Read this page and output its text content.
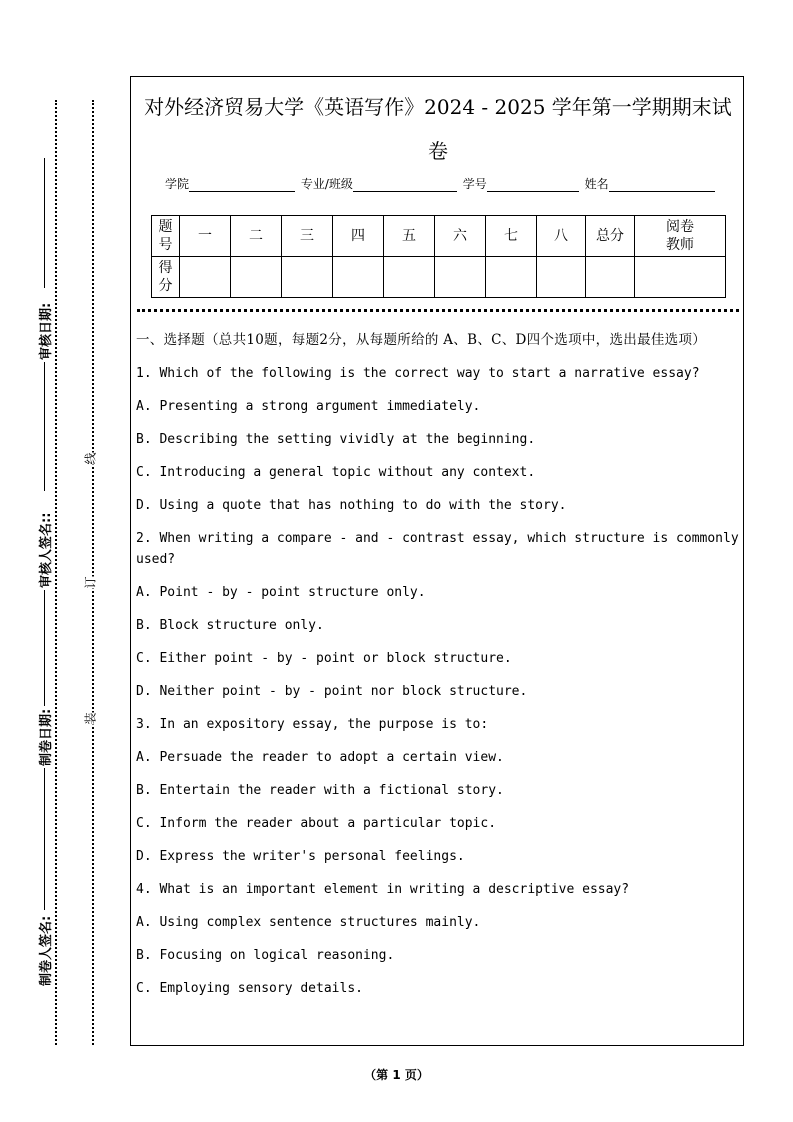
审核日期:
审核人签名::
制卷日期:
制卷人签名:
线
订
装
对外经济贸易大学《英语写作》2024 - 2025 学年第一学期期末试
卷
学院	专业/班级	学号	姓名
题号	一	二	三	四	五	六	七	八	总分	阅卷教师
得分										
一、选择题（总共10题，每题2分，从每题所给的 A、B、C、D四个选项中，选出最佳选项）
1. Which of the following is the correct way to start a narrative essay?
A. Presenting a strong argument immediately.
B. Describing the setting vividly at the beginning.
C. Introducing a general topic without any context.
D. Using a quote that has nothing to do with the story.
2. When writing a compare - and - contrast essay, which structure is commonly used?
A. Point - by - point structure only.
B. Block structure only.
C. Either point - by - point or block structure.
D. Neither point - by - point nor block structure.
3. In an expository essay, the purpose is to:
A. Persuade the reader to adopt a certain view.
B. Entertain the reader with a fictional story.
C. Inform the reader about a particular topic.
D. Express the writer's personal feelings.
4. What is an important element in writing a descriptive essay?
A. Using complex sentence structures mainly.
B. Focusing on logical reasoning.
C. Employing sensory details.
（第 1 页）
